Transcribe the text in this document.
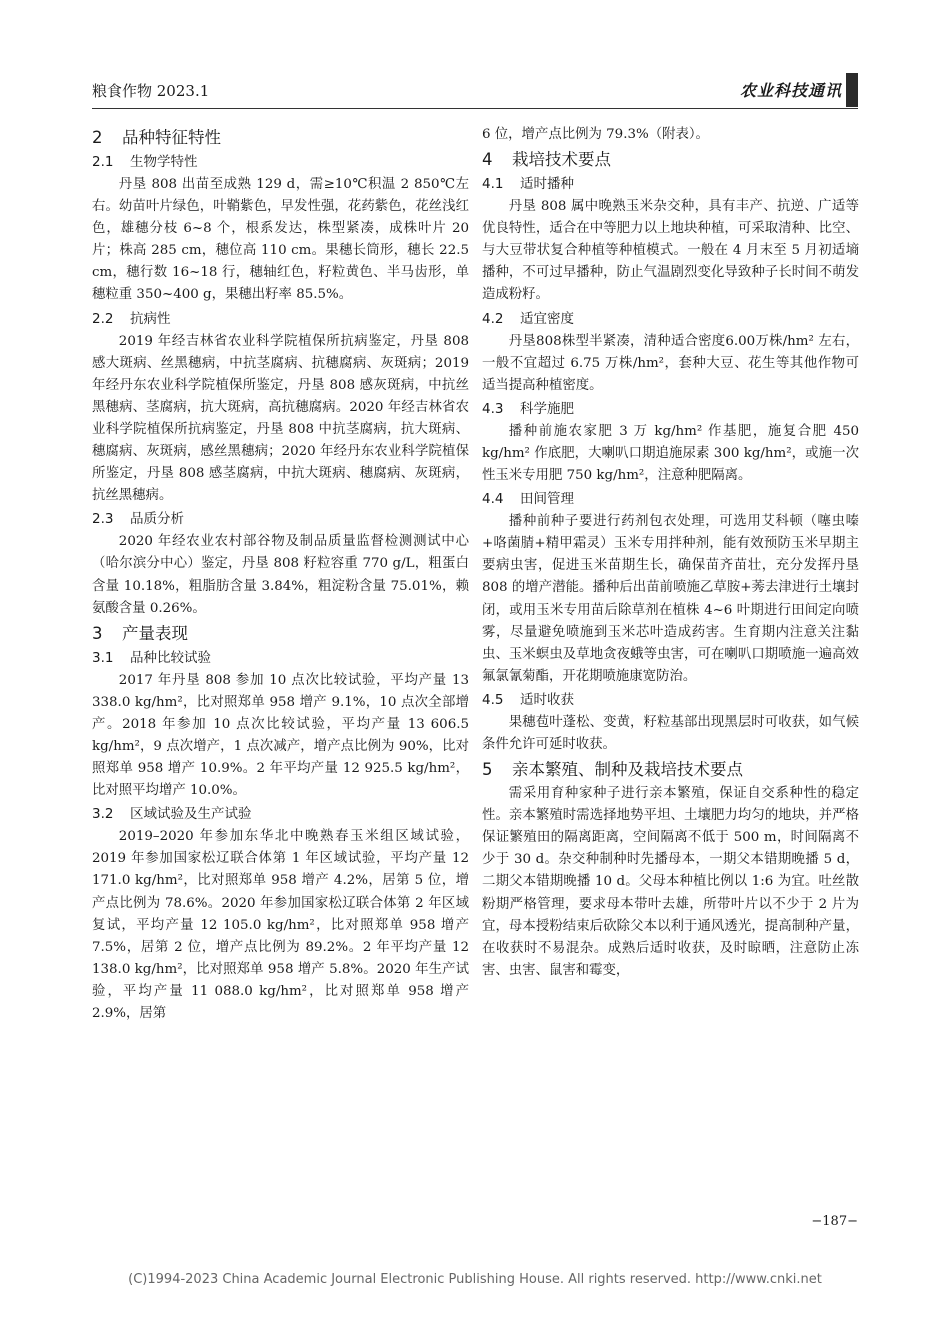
粮食作物 2023.1	农业科技通讯
2 品种特征特性
2.1 生物学特性

丹垦 808 出苗至成熟 129 d，需≥10℃积温 2 850℃左右。幼苗叶片绿色，叶鞘紫色，早发性强，花药紫色，花丝浅红色，雄穗分枝 6~8 个，根系发达，株型紧凑，成株叶片 20 片；株高 285 cm，穗位高 110 cm。果穗长筒形，穗长 22.5 cm，穗行数 16~18 行，穗轴红色，籽粒黄色、半马齿形，单穗粒重 350~400 g，果穗出籽率 85.5%。

2.2 抗病性

2019 年经吉林省农业科学院植保所抗病鉴定，丹垦 808 感大斑病、丝黑穗病，中抗茎腐病、抗穗腐病、灰斑病；2019 年经丹东农业科学院植保所鉴定，丹垦 808 感灰斑病，中抗丝黑穗病、茎腐病，抗大斑病，高抗穗腐病。2020 年经吉林省农业科学院植保所抗病鉴定，丹垦 808 中抗茎腐病，抗大斑病、穗腐病、灰斑病，感丝黑穗病；2020 年经丹东农业科学院植保所鉴定，丹垦 808 感茎腐病，中抗大斑病、穗腐病、灰斑病，抗丝黑穗病。

2.3 品质分析

2020 年经农业农村部谷物及制品质量监督检测测试中心（哈尔滨分中心）鉴定，丹垦 808 籽粒容重 770 g/L，粗蛋白含量 10.18%，粗脂肪含量 3.84%，粗淀粉含量 75.01%，赖氨酸含量 0.26%。

3 产量表现
3.1 品种比较试验

2017 年丹垦 808 参加 10 点次比较试验，平均产量 13 338.0 kg/hm²，比对照郑单 958 增产 9.1%，10 点次全部增产。2018 年参加 10 点次比较试验，平均产量 13 606.5 kg/hm²，9 点次增产，1 点次减产，增产点比例为 90%，比对照郑单 958 增产 10.9%。2 年平均产量 12 925.5 kg/hm²，比对照平均增产 10.0%。

3.2 区域试验及生产试验

2019–2020 年参加东华北中晚熟春玉米组区域试验，2019 年参加国家松辽联合体第 1 年区域试验，平均产量 12 171.0 kg/hm²，比对照郑单 958 增产 4.2%，居第 5 位，增产点比例为 78.6%。2020 年参加国家松辽联合体第 2 年区域复试，平均产量 12 105.0 kg/hm²，比对照郑单 958 增产 7.5%，居第 2 位，增产点比例为 89.2%。2 年平均产量 12 138.0 kg/hm²，比对照郑单 958 增产 5.8%。2020 年生产试验，平均产量 11 088.0 kg/hm²，比对照郑单 958 增产 2.9%，居第

6 位，增产点比例为 79.3%（附表）。

4 栽培技术要点
4.1 适时播种

丹垦 808 属中晚熟玉米杂交种，具有丰产、抗逆、广适等优良特性，适合在中等肥力以上地块种植，可采取清种、比空、与大豆带状复合种植等种植模式。一般在 4 月末至 5 月初适墒播种，不可过早播种，防止气温剧烈变化导致种子长时间不萌发造成粉籽。

4.2 适宜密度

丹垦808株型半紧凑，清种适合密度6.00万株/hm² 左右，一般不宜超过 6.75 万株/hm²，套种大豆、花生等其他作物可适当提高种植密度。

4.3 科学施肥

播种前施农家肥 3 万 kg/hm² 作基肥，施复合肥 450 kg/hm² 作底肥，大喇叭口期追施尿素 300 kg/hm²，或施一次性玉米专用肥 750 kg/hm²，注意种肥隔离。

4.4 田间管理

播种前种子要进行药剂包衣处理，可选用艾科顿（噻虫嗪+咯菌腈+精甲霜灵）玉米专用拌种剂，能有效预防玉米早期主要病虫害，促进玉米苗期生长，确保苗齐苗壮，充分发挥丹垦 808 的增产潜能。播种后出苗前喷施乙草胺+莠去津进行土壤封闭，或用玉米专用苗后除草剂在植株 4~6 叶期进行田间定向喷雾，尽量避免喷施到玉米芯叶造成药害。生育期内注意关注黏虫、玉米螟虫及草地贪夜蛾等虫害，可在喇叭口期喷施一遍高效氟氯氰菊酯，开花期喷施康宽防治。

4.5 适时收获

果穗苞叶蓬松、变黄，籽粒基部出现黑层时可收获，如气候条件允许可延时收获。

5 亲本繁殖、制种及栽培技术要点

需采用育种家种子进行亲本繁殖，保证自交系种性的稳定性。亲本繁殖时需选择地势平坦、土壤肥力均匀的地块，并严格保证繁殖田的隔离距离，空间隔离不低于 500 m，时间隔离不少于 30 d。杂交种制种时先播母本，一期父本错期晚播 5 d，二期父本错期晚播 10 d。父母本种植比例以 1:6 为宜。吐丝散粉期严格管理，要求母本带叶去雄，所带叶片以不少于 2 片为宜，母本授粉结束后砍除父本以利于通风透光，提高制种产量，在收获时不易混杂。成熟后适时收获，及时晾晒，注意防止冻害、虫害、鼠害和霉变，

−187−
(C)1994-2023 China Academic Journal Electronic Publishing House. All rights reserved. http://www.cnki.net
